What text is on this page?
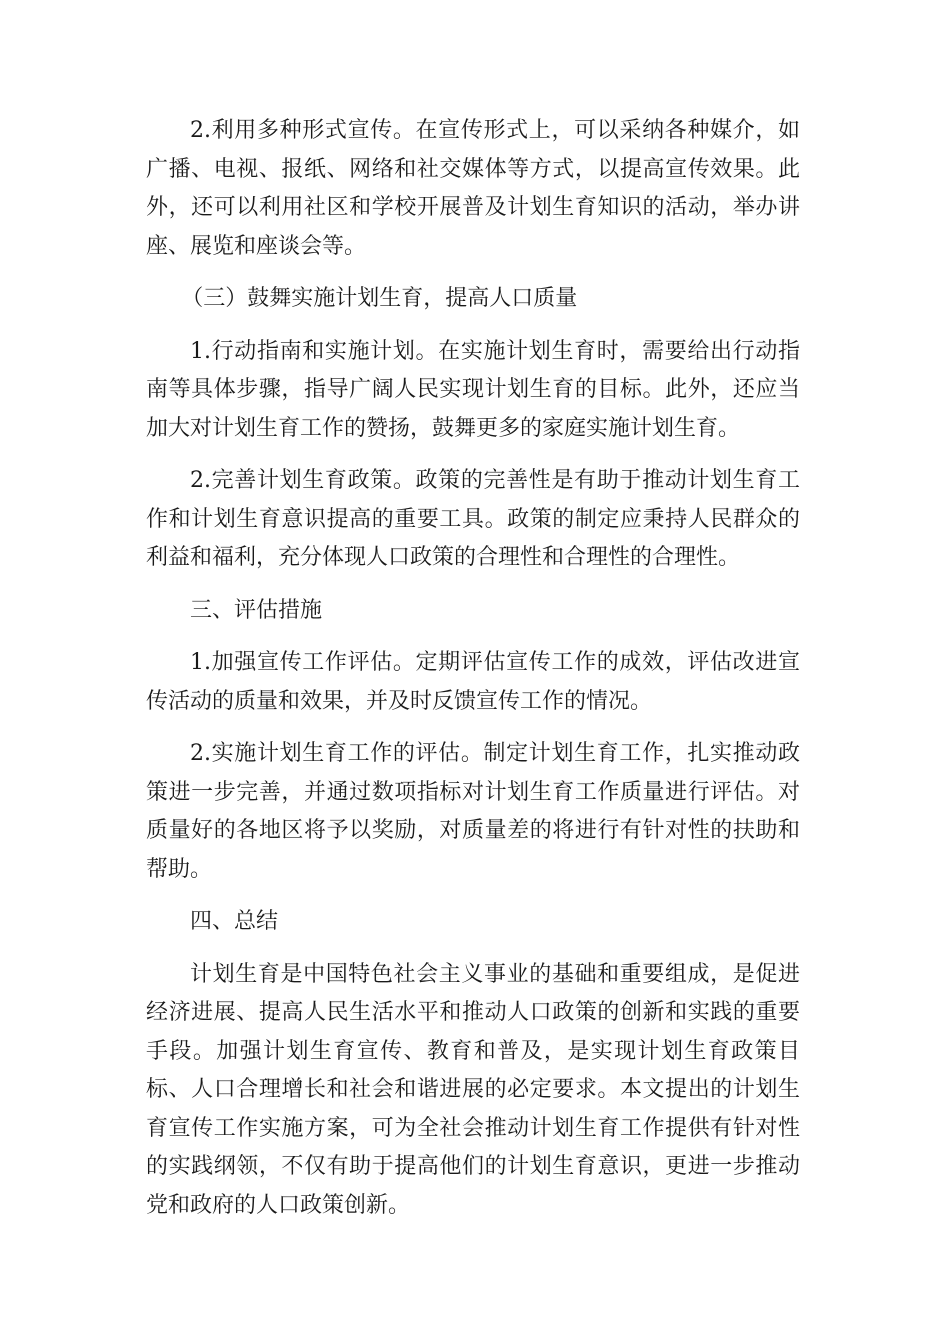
2.利用多种形式宣传。在宣传形式上，可以采纳各种媒介，如广播、电视、报纸、网络和社交媒体等方式，以提高宣传效果。此外，还可以利用社区和学校开展普及计划生育知识的活动，举办讲座、展览和座谈会等。

（三）鼓舞实施计划生育，提高人口质量

1.行动指南和实施计划。在实施计划生育时，需要给出行动指南等具体步骤，指导广阔人民实现计划生育的目标。此外，还应当加大对计划生育工作的赞扬，鼓舞更多的家庭实施计划生育。

2.完善计划生育政策。政策的完善性是有助于推动计划生育工作和计划生育意识提高的重要工具。政策的制定应秉持人民群众的利益和福利，充分体现人口政策的合理性和合理性的合理性。

三、评估措施

1.加强宣传工作评估。定期评估宣传工作的成效，评估改进宣传活动的质量和效果，并及时反馈宣传工作的情况。

2.实施计划生育工作的评估。制定计划生育工作，扎实推动政策进一步完善，并通过数项指标对计划生育工作质量进行评估。对质量好的各地区将予以奖励，对质量差的将进行有针对性的扶助和帮助。

四、总结

计划生育是中国特色社会主义事业的基础和重要组成，是促进经济进展、提高人民生活水平和推动人口政策的创新和实践的重要手段。加强计划生育宣传、教育和普及，是实现计划生育政策目标、人口合理增长和社会和谐进展的必定要求。本文提出的计划生育宣传工作实施方案，可为全社会推动计划生育工作提供有针对性的实践纲领，不仅有助于提高他们的计划生育意识，更进一步推动党和政府的人口政策创新。
